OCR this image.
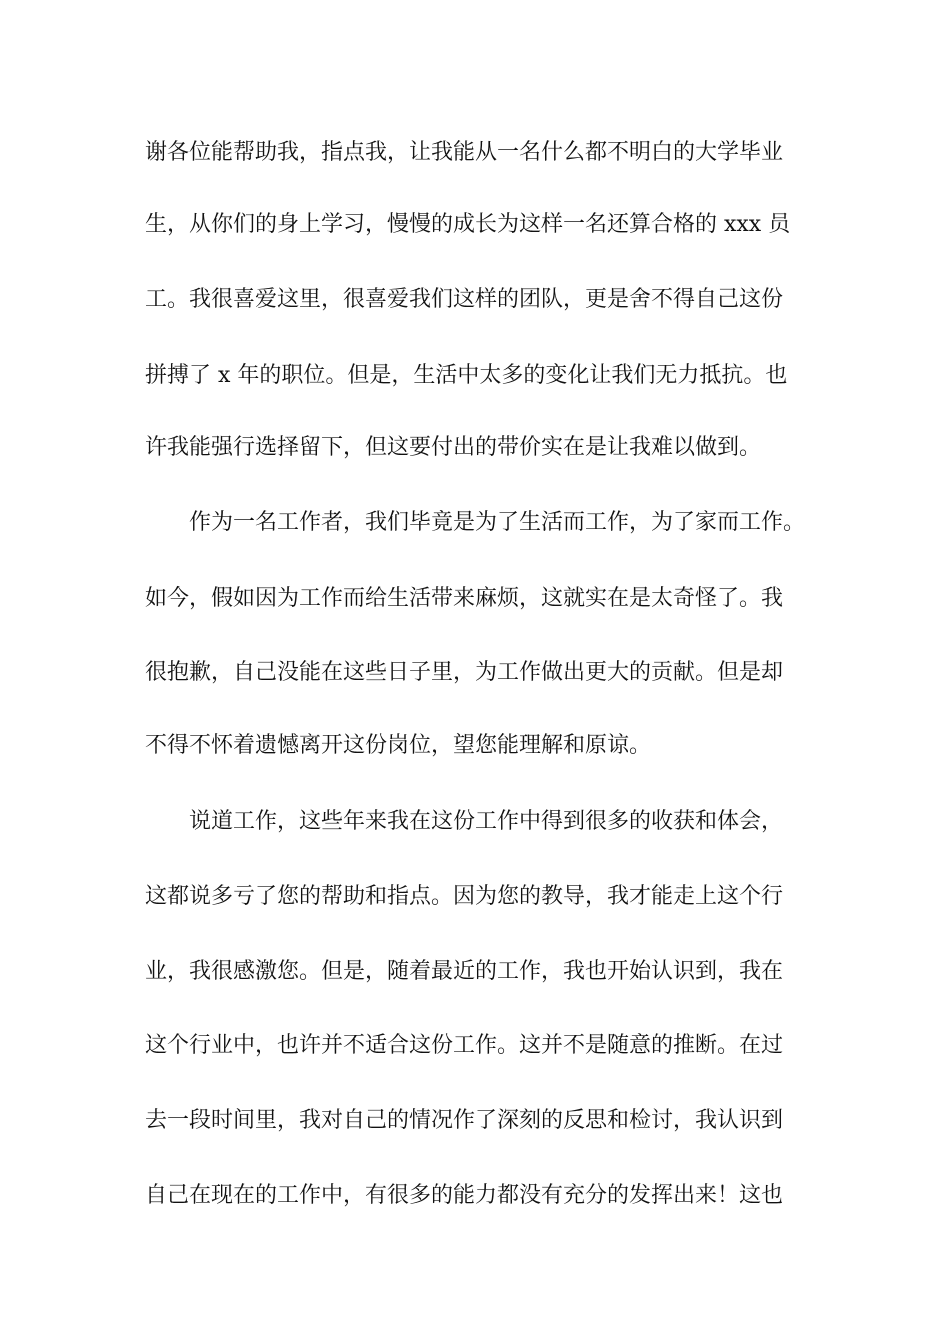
谢各位能帮助我，指点我，让我能从一名什么都不明白的大学毕业
生，从你们的身上学习，慢慢的成长为这样一名还算合格的 xxx 员
工。我很喜爱这里，很喜爱我们这样的团队，更是舍不得自己这份
拼搏了 x 年的职位。但是，生活中太多的变化让我们无力抵抗。也
许我能强行选择留下，但这要付出的带价实在是让我难以做到。
作为一名工作者，我们毕竟是为了生活而工作，为了家而工作。
如今，假如因为工作而给生活带来麻烦，这就实在是太奇怪了。我
很抱歉，自己没能在这些日子里，为工作做出更大的贡献。但是却
不得不怀着遗憾离开这份岗位，望您能理解和原谅。
说道工作，这些年来我在这份工作中得到很多的收获和体会，
这都说多亏了您的帮助和指点。因为您的教导，我才能走上这个行
业，我很感激您。但是，随着最近的工作，我也开始认识到，我在
这个行业中，也许并不适合这份工作。这并不是随意的推断。在过
去一段时间里，我对自己的情况作了深刻的反思和检讨，我认识到
自己在现在的工作中，有很多的能力都没有充分的发挥出来！这也
